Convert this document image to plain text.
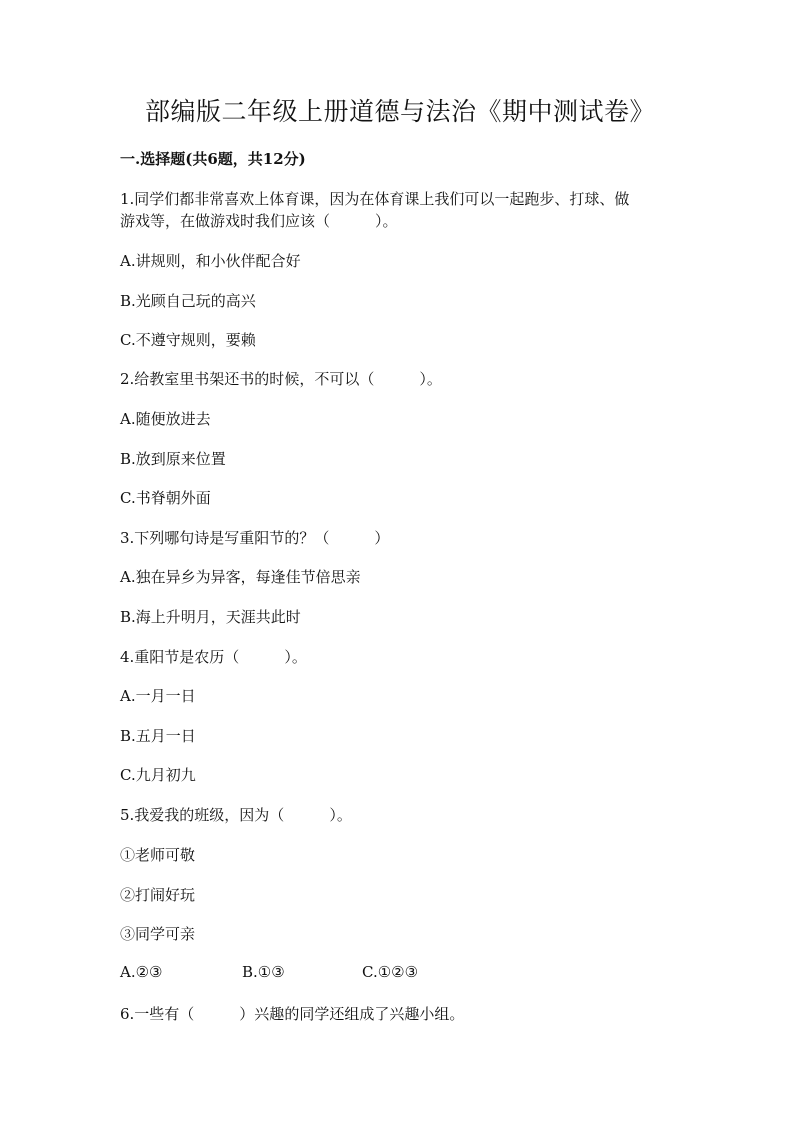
部编版二年级上册道德与法治《期中测试卷》
一.选择题(共6题，共12分)
1.同学们都非常喜欢上体育课，因为在体育课上我们可以一起跑步、打球、做
游戏等，在做游戏时我们应该（　　　）。
A.讲规则，和小伙伴配合好
B.光顾自己玩的高兴
C.不遵守规则，要赖
2.给教室里书架还书的时候，不可以（　　　）。
A.随便放进去
B.放到原来位置
C.书脊朝外面
3.下列哪句诗是写重阳节的？（　　　）
A.独在异乡为异客，每逢佳节倍思亲
B.海上升明月，天涯共此时
4.重阳节是农历（　　　）。
A.一月一日
B.五月一日
C.九月初九
5.我爱我的班级，因为（　　　）。
①老师可敬
②打闹好玩
③同学可亲
A.②③	B.①③	C.①②③
6.一些有（　　　）兴趣的同学还组成了兴趣小组。
